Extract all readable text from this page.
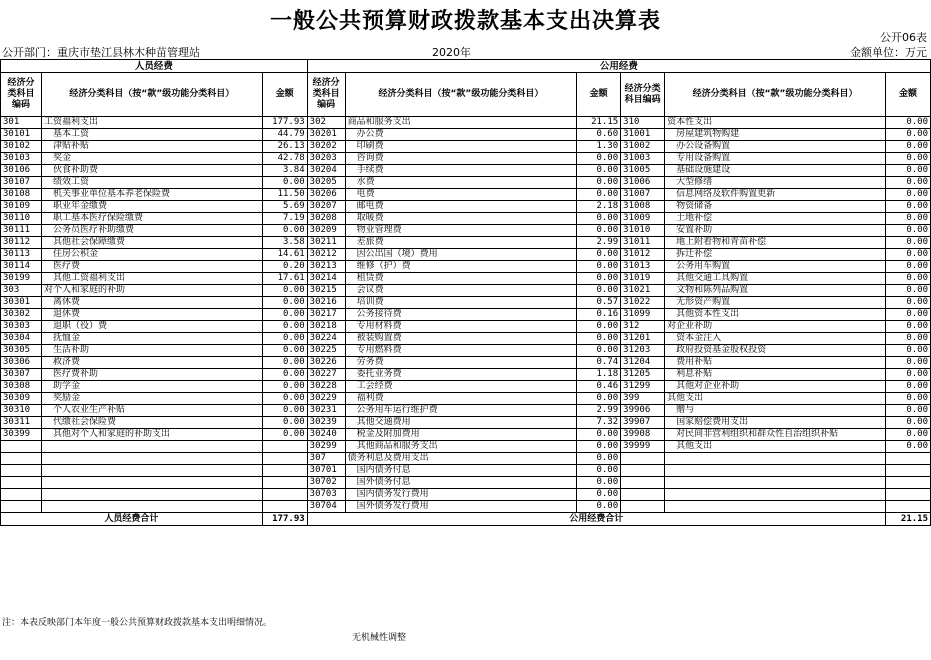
一般公共预算财政拨款基本支出决算表
公开06表
公开部门：重庆市垫江县林木种苗管理站	2020年	金额单位：万元
人员经费			公用经费					
经济分类科目编码	经济分类科目（按“款”级功能分类科目）	金额	经济分类科目编码	经济分类科目（按“款”级功能分类科目）	金额	经济分类科目编码	经济分类科目（按“款”级功能分类科目）	金额
301	工资福利支出	177.93	302	商品和服务支出	21.15	310	资本性支出	0.00
30101	基本工资	44.79	30201	办公费	0.60	31001	房屋建筑物购建	0.00
30102	津贴补贴	26.13	30202	印刷费	1.30	31002	办公设备购置	0.00
30103	奖金	42.78	30203	咨询费	0.00	31003	专用设备购置	0.00
30106	伙食补助费	3.84	30204	手续费	0.00	31005	基础设施建设	0.00
30107	绩效工资	0.00	30205	水费	0.00	31006	大型修缮	0.00
30108	机关事业单位基本养老保险费	11.50	30206	电费	0.00	31007	信息网络及软件购置更新	0.00
30109	职业年金缴费	5.69	30207	邮电费	2.18	31008	物资储备	0.00
30110	职工基本医疗保险缴费	7.19	30208	取暖费	0.00	31009	土地补偿	0.00
30111	公务员医疗补助缴费	0.00	30209	物业管理费	0.00	31010	安置补助	0.00
30112	其他社会保障缴费	3.58	30211	差旅费	2.99	31011	地上附着物和青苗补偿	0.00
30113	住房公积金	14.61	30212	因公出国（境）费用	0.00	31012	拆迁补偿	0.00
30114	医疗费	0.20	30213	维修（护）费	0.00	31013	公务用车购置	0.00
30199	其他工资福利支出	17.61	30214	租赁费	0.00	31019	其他交通工具购置	0.00
303	对个人和家庭的补助	0.00	30215	会议费	0.00	31021	文物和陈列品购置	0.00
30301	离休费	0.00	30216	培训费	0.57	31022	无形资产购置	0.00
30302	退休费	0.00	30217	公务接待费	0.16	31099	其他资本性支出	0.00
30303	退职（役）费	0.00	30218	专用材料费	0.00	312	对企业补助	0.00
30304	抚恤金	0.00	30224	被装购置费	0.00	31201	资本金注入	0.00
30305	生活补助	0.00	30225	专用燃料费	0.00	31203	政府投资基金股权投资	0.00
30306	救济费	0.00	30226	劳务费	0.74	31204	费用补贴	0.00
30307	医疗费补助	0.00	30227	委托业务费	1.18	31205	利息补贴	0.00
30308	助学金	0.00	30228	工会经费	0.46	31299	其他对企业补助	0.00
30309	奖励金	0.00	30229	福利费	0.00	399	其他支出	0.00
30310	个人农业生产补贴	0.00	30231	公务用车运行维护费	2.99	39906	赠与	0.00
30311	代缴社会保险费	0.00	30239	其他交通费用	7.32	39907	国家赔偿费用支出	0.00
30399	其他对个人和家庭的补助支出	0.00	30240	税金及附加费用	0.00	39908	对民间非营利组织和群众性自治组织补贴	0.00
			30299	其他商品和服务支出	0.00	39999	其他支出	0.00
			307	债务利息及费用支出	0.00			
			30701	国内债务付息	0.00			
			30702	国外债务付息	0.00			
			30703	国内债务发行费用	0.00			
			30704	国外债务发行费用	0.00			
人员经费合计		177.93	公用经费合计					21.15
注：本表反映部门本年度一般公共预算财政拨款基本支出明细情况。
无机械性调整
